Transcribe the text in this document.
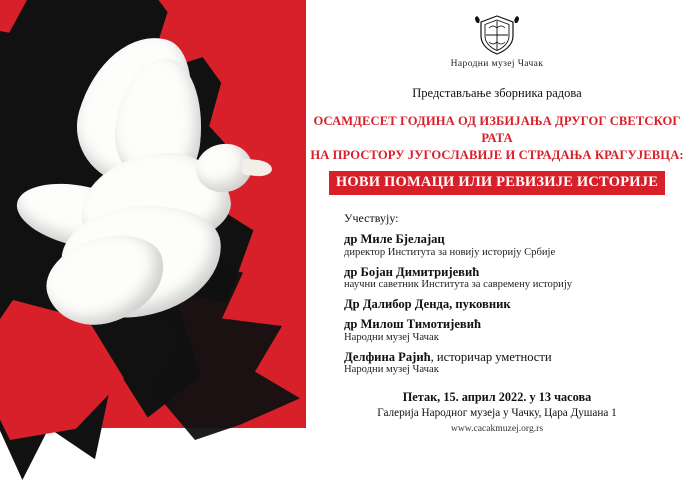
Народни музеј Чачак
Представљање зборника радова
ОСАМДЕСЕТ ГОДИНА ОД ИЗБИЈАЊА ДРУГОГ СВЕТСКОГ РАТА
НА ПРОСТОРУ ЈУГОСЛАВИЈЕ И СТРАДАЊА КРАГУЈЕВЦА:
НОВИ ПОМАЦИ ИЛИ РЕВИЗИЈЕ ИСТОРИЈЕ
Учествују:
др Миле Бјелајац
директор Института за новију историју Србије
др Бојан Димитријевић
научни саветник Института за савремену историју
Др Далибор Денда, пуковник
др Милош Тимотијевић
Народни музеј Чачак
Делфина Рајић, историчар уметности
Народни музеј Чачак
Петак, 15. април 2022. у 13 часова
Галерија Народног музеја у Чачку, Цара Душана 1
www.cacakmuzej.org.rs
